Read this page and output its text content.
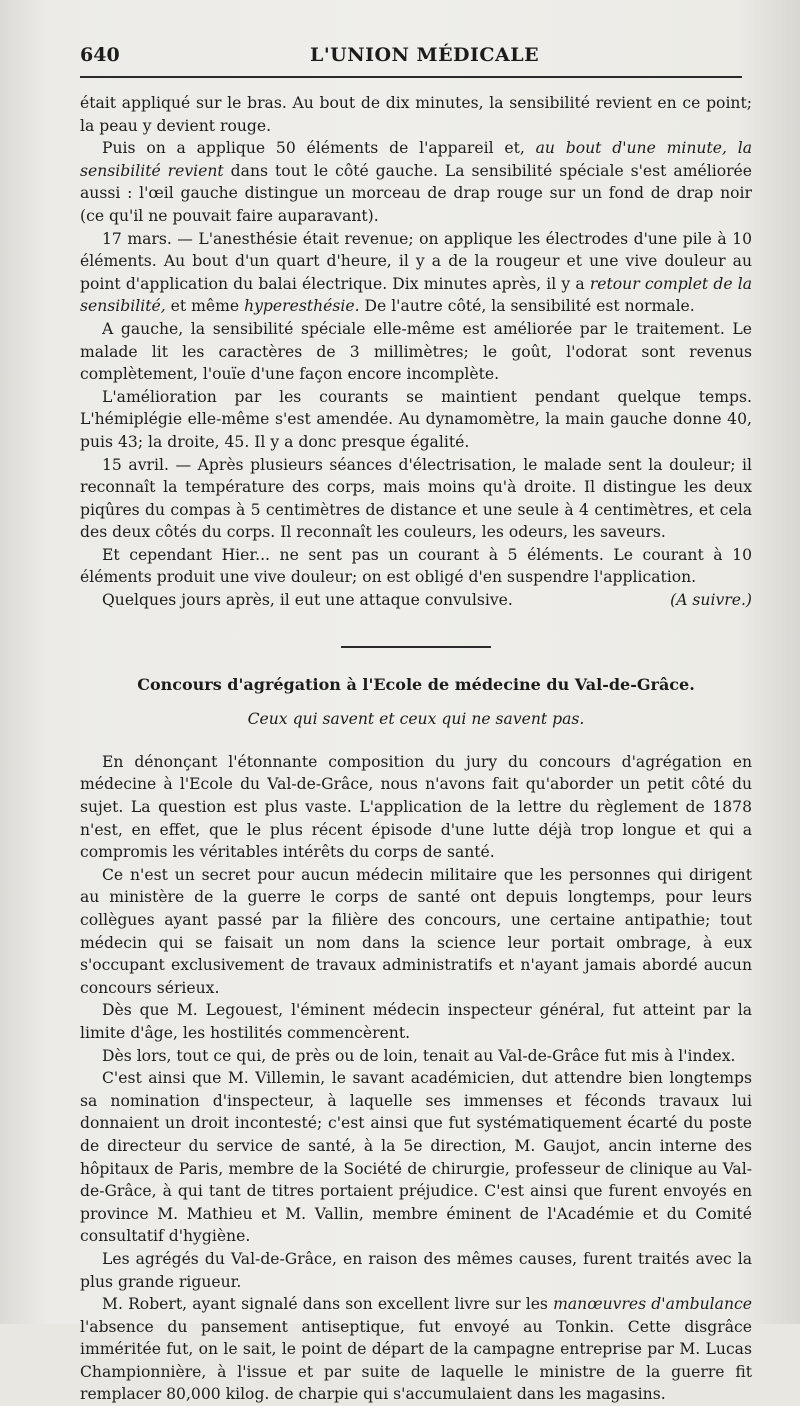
640	L'UNION MÉDICALE

était appliqué sur le bras. Au bout de dix minutes, la sensibilité revient en ce point; la peau y devient rouge.

Puis on a applique 50 éléments de l'appareil et, au bout d'une minute, la sensibilité revient dans tout le côté gauche. La sensibilité spéciale s'est améliorée aussi : l'œil gauche distingue un morceau de drap rouge sur un fond de drap noir (ce qu'il ne pouvait faire auparavant).

17 mars. — L'anesthésie était revenue; on applique les électrodes d'une pile à 10 éléments. Au bout d'un quart d'heure, il y a de la rougeur et une vive douleur au point d'application du balai électrique. Dix minutes après, il y a retour complet de la sensibilité, et même hyperesthésie. De l'autre côté, la sensibilité est normale.

A gauche, la sensibilité spéciale elle-même est améliorée par le traitement. Le malade lit les caractères de 3 millimètres; le goût, l'odorat sont revenus complètement, l'ouïe d'une façon encore incomplète.

L'amélioration par les courants se maintient pendant quelque temps. L'hémiplégie elle-même s'est amendée. Au dynamomètre, la main gauche donne 40, puis 43; la droite, 45. Il y a donc presque égalité.

15 avril. — Après plusieurs séances d'électrisation, le malade sent la douleur; il reconnaît la température des corps, mais moins qu'à droite. Il distingue les deux piqûres du compas à 5 centimètres de distance et une seule à 4 centimètres, et cela des deux côtés du corps. Il reconnaît les couleurs, les odeurs, les saveurs.

Et cependant Hier... ne sent pas un courant à 5 éléments. Le courant à 10 éléments produit une vive douleur; on est obligé d'en suspendre l'application.

Quelques jours après, il eut une attaque convulsive.	(A suivre.)

Concours d'agrégation à l'Ecole de médecine du Val-de-Grâce.
Ceux qui savent et ceux qui ne savent pas.

En dénonçant l'étonnante composition du jury du concours d'agrégation en médecine à l'Ecole du Val-de-Grâce, nous n'avons fait qu'aborder un petit côté du sujet. La question est plus vaste. L'application de la lettre du règlement de 1878 n'est, en effet, que le plus récent épisode d'une lutte déjà trop longue et qui a compromis les véritables intérêts du corps de santé.

Ce n'est un secret pour aucun médecin militaire que les personnes qui dirigent au ministère de la guerre le corps de santé ont depuis longtemps, pour leurs collègues ayant passé par la filière des concours, une certaine antipathie; tout médecin qui se faisait un nom dans la science leur portait ombrage, à eux s'occupant exclusivement de travaux administratifs et n'ayant jamais abordé aucun concours sérieux.

Dès que M. Legouest, l'éminent médecin inspecteur général, fut atteint par la limite d'âge, les hostilités commencèrent.

Dès lors, tout ce qui, de près ou de loin, tenait au Val-de-Grâce fut mis à l'index.

C'est ainsi que M. Villemin, le savant académicien, dut attendre bien longtemps sa nomination d'inspecteur, à laquelle ses immenses et féconds travaux lui donnaient un droit incontesté; c'est ainsi que fut systématiquement écarté du poste de directeur du service de santé, à la 5e direction, M. Gaujot, ancin interne des hôpitaux de Paris, membre de la Société de chirurgie, professeur de clinique au Val-de-Grâce, à qui tant de titres portaient préjudice. C'est ainsi que furent envoyés en province M. Mathieu et M. Vallin, membre éminent de l'Académie et du Comité consultatif d'hygiène.

Les agrégés du Val-de-Grâce, en raison des mêmes causes, furent traités avec la plus grande rigueur.

M. Robert, ayant signalé dans son excellent livre sur les manœuvres d'ambulance l'absence du pansement antiseptique, fut envoyé au Tonkin. Cette disgrâce imméritée fut, on le sait, le point de départ de la campagne entreprise par M. Lucas Championnière, à l'issue et par suite de laquelle le ministre de la guerre fit remplacer 80,000 kilog. de charpie qui s'accumulaient dans les magasins.
